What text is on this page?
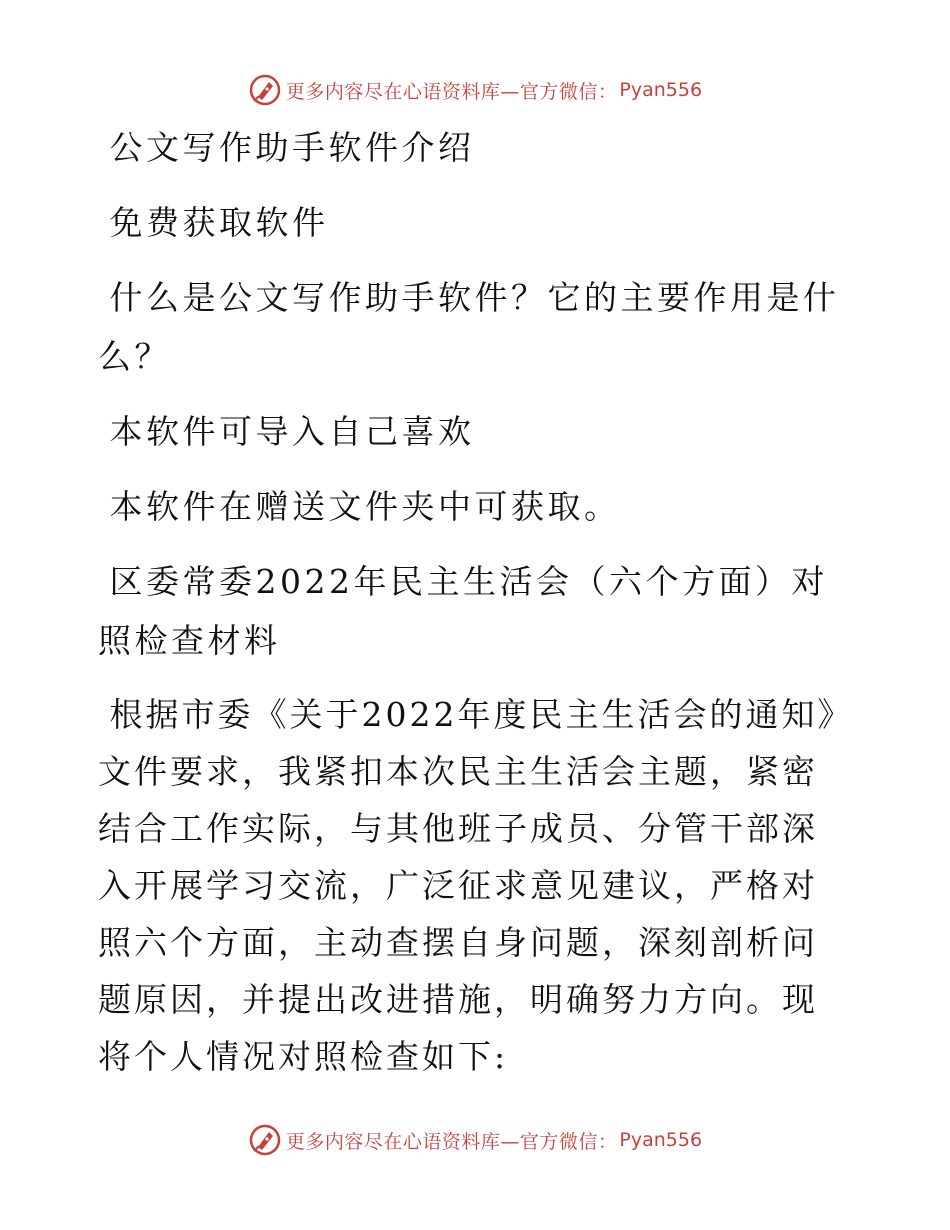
更多内容尽在心语资料库—官方微信： Pyan556

公文写作助手软件介绍

免费获取软件

什么是公文写作助手软件？它的主要作用是什么？

本软件可导入自己喜欢

本软件在赠送文件夹中可获取。

区委常委2022年民主生活会（六个方面）对照检查材料

根据市委《关于2022年度民主生活会的通知》文件要求，我紧扣本次民主生活会主题，紧密结合工作实际，与其他班子成员、分管干部深入开展学习交流，广泛征求意见建议，严格对照六个方面，主动查摆自身问题，深刻剖析问题原因，并提出改进措施，明确努力方向。现将个人情况对照检查如下:

更多内容尽在心语资料库—官方微信： Pyan556
